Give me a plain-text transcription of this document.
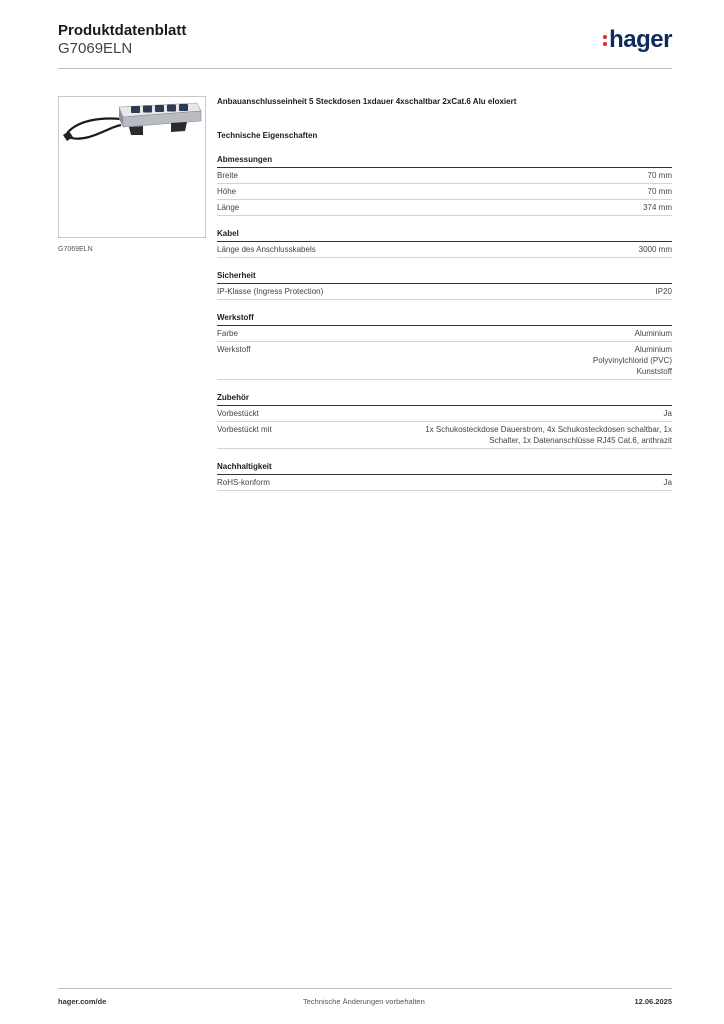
Produktdatenblatt
G7069ELN	hager
G7069ELN
Anbauanschlusseinheit 5 Steckdosen 1xdauer 4xschaltbar 2xCat.6 Alu eloxiert
Technische Eigenschaften
Abmessungen
Breite	70 mm
Höhe	70 mm
Länge	374 mm
Kabel
Länge des Anschlusskabels	3000 mm
Sicherheit
IP-Klasse (Ingress Protection)	IP20
Werkstoff
Farbe	Aluminium
Werkstoff	Aluminium
Polyvinylchlorid (PVC)
Kunststoff
Zubehör
Vorbestückt	Ja
Vorbestückt mit	1x Schukosteckdose Dauerstrom, 4x Schukosteckdosen schaltbar, 1x
Schalter, 1x Datenanschlüsse RJ45 Cat.6, anthrazit
Nachhaltigkeit
RoHS-konform	Ja
hager.com/de	Technische Änderungen vorbehalten	12.06.2025
